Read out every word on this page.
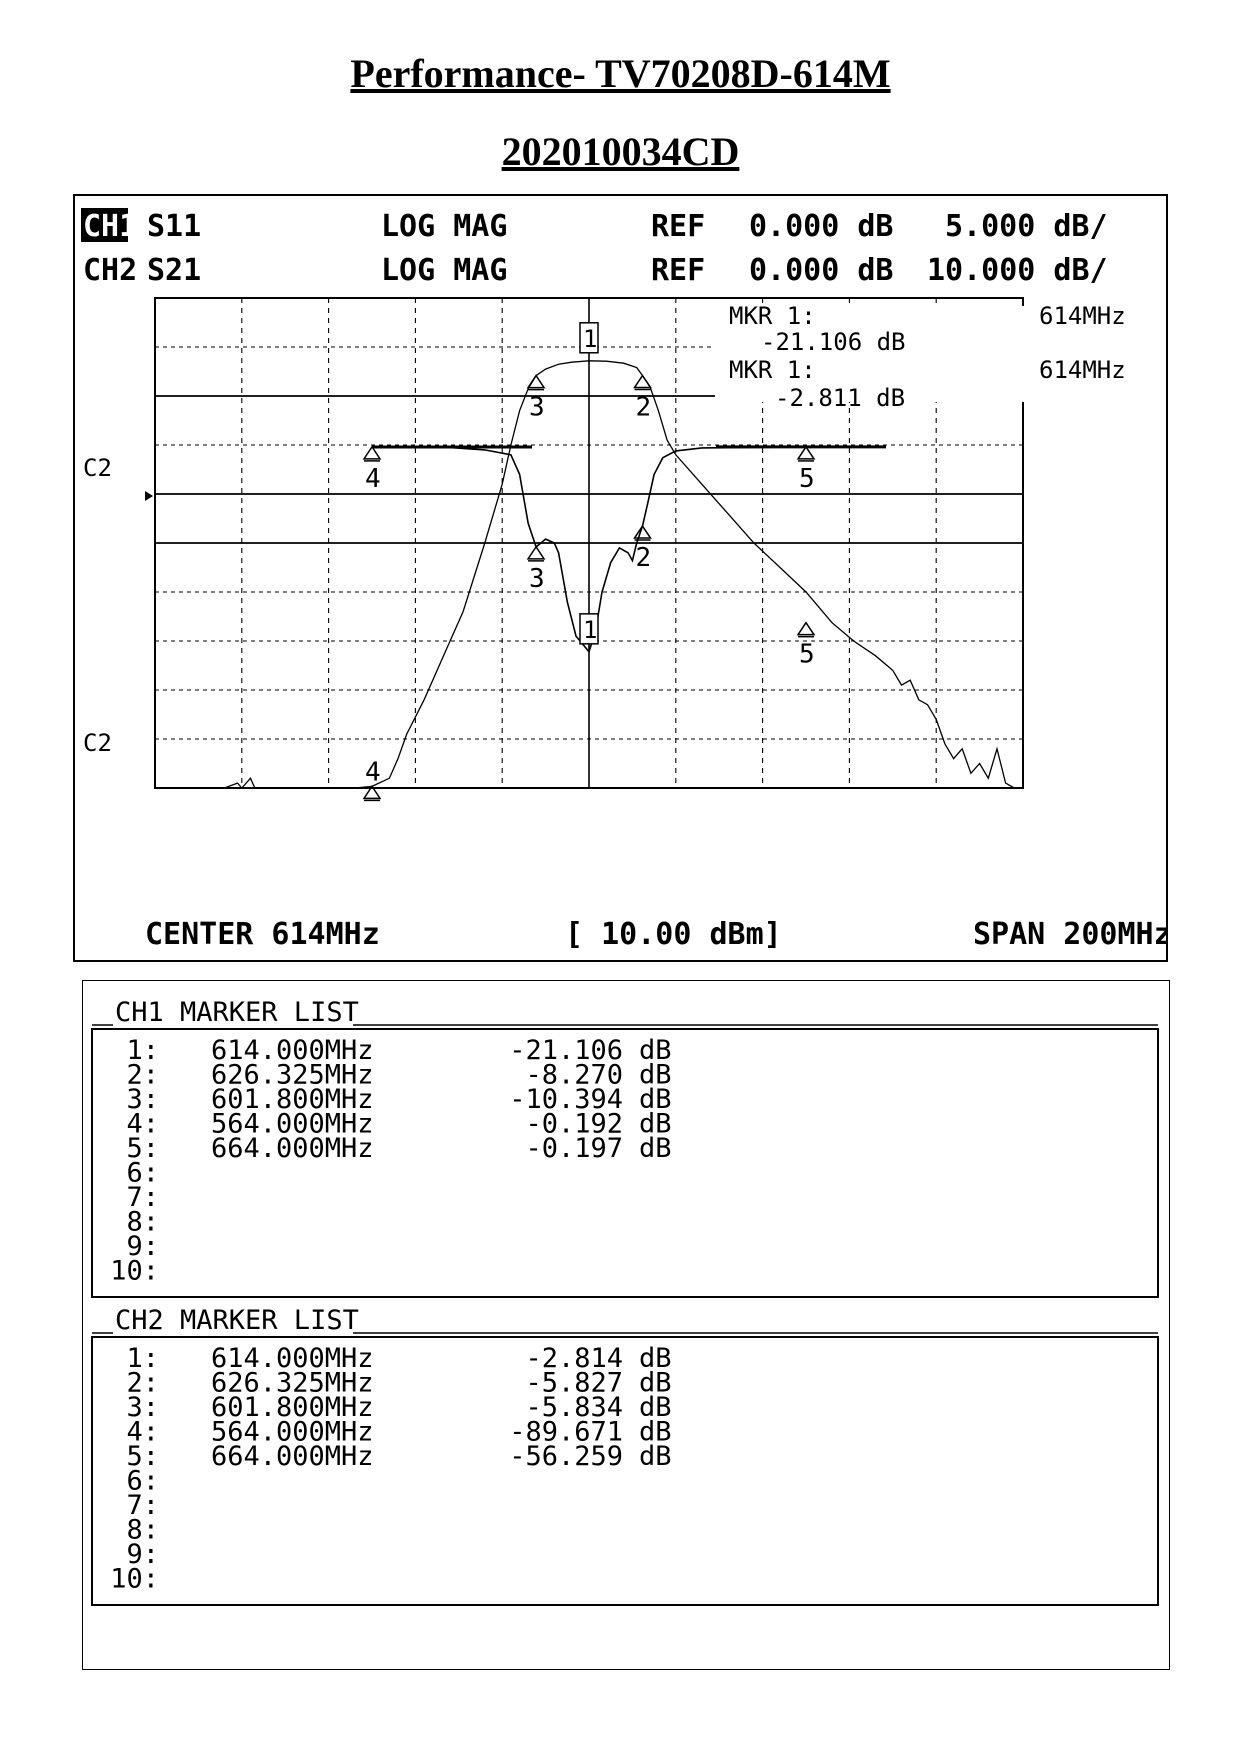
Performance- TV70208D-614M
202010034CD
CH1 S11	LOG MAG	REF 0.000 dB 5.000 dB/
CH2 S21	LOG MAG	REF 0.000 dB 10.000 dB/
C2
C2
1
2
3
4	5
1
2
3
4
5
MKR 1:	614MHz
-21.106 dB
MKR 1:	614MHz
-2.811 dB
CENTER 614MHz	[ 10.00 dBm]	SPAN 200MHz
CH1 MARKER LIST
1: 614.000MHz	-21.106 dB
2: 626.325MHz	-8.270 dB
3: 601.800MHz	-10.394 dB
4: 564.000MHz	-0.192 dB
5: 664.000MHz	-0.197 dB
6:
7:
8:
9:
10:
CH2 MARKER LIST
1: 614.000MHz	-2.814 dB
2: 626.325MHz	-5.827 dB
3: 601.800MHz	-5.834 dB
4: 564.000MHz	-89.671 dB
5: 664.000MHz	-56.259 dB
6:
7:
8:
9:
10:
